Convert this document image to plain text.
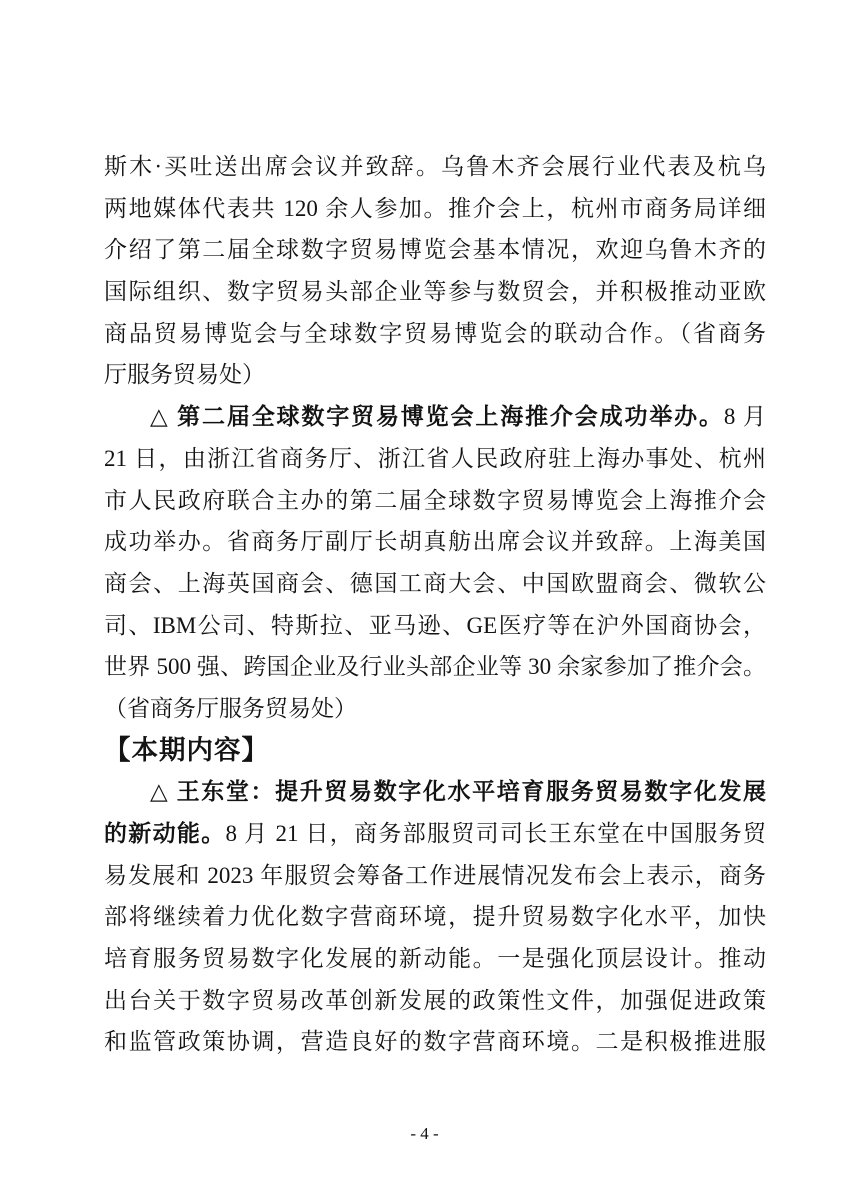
斯木·买吐送出席会议并致辞。乌鲁木齐会展行业代表及杭乌
两地媒体代表共 120 余人参加。推介会上，杭州市商务局详细
介绍了第二届全球数字贸易博览会基本情况，欢迎乌鲁木齐的
国际组织、数字贸易头部企业等参与数贸会，并积极推动亚欧
商品贸易博览会与全球数字贸易博览会的联动合作。（省商务
厅服务贸易处）
△ 第二届全球数字贸易博览会上海推介会成功举办。8 月
21 日，由浙江省商务厅、浙江省人民政府驻上海办事处、杭州
市人民政府联合主办的第二届全球数字贸易博览会上海推介会
成功举办。省商务厅副厅长胡真舫出席会议并致辞。上海美国
商会、上海英国商会、德国工商大会、中国欧盟商会、微软公
司、IBM公司、特斯拉、亚马逊、GE医疗等在沪外国商协会，
世界 500 强、跨国企业及行业头部企业等 30 余家参加了推介会。
（省商务厅服务贸易处）
【本期内容】
△ 王东堂：提升贸易数字化水平培育服务贸易数字化发展
的新动能。8 月 21 日，商务部服贸司司长王东堂在中国服务贸
易发展和 2023 年服贸会筹备工作进展情况发布会上表示，商务
部将继续着力优化数字营商环境，提升贸易数字化水平，加快
培育服务贸易数字化发展的新动能。一是强化顶层设计。推动
出台关于数字贸易改革创新发展的政策性文件，加强促进政策
和监管政策协调，营造良好的数字营商环境。二是积极推进服
- 4 -
